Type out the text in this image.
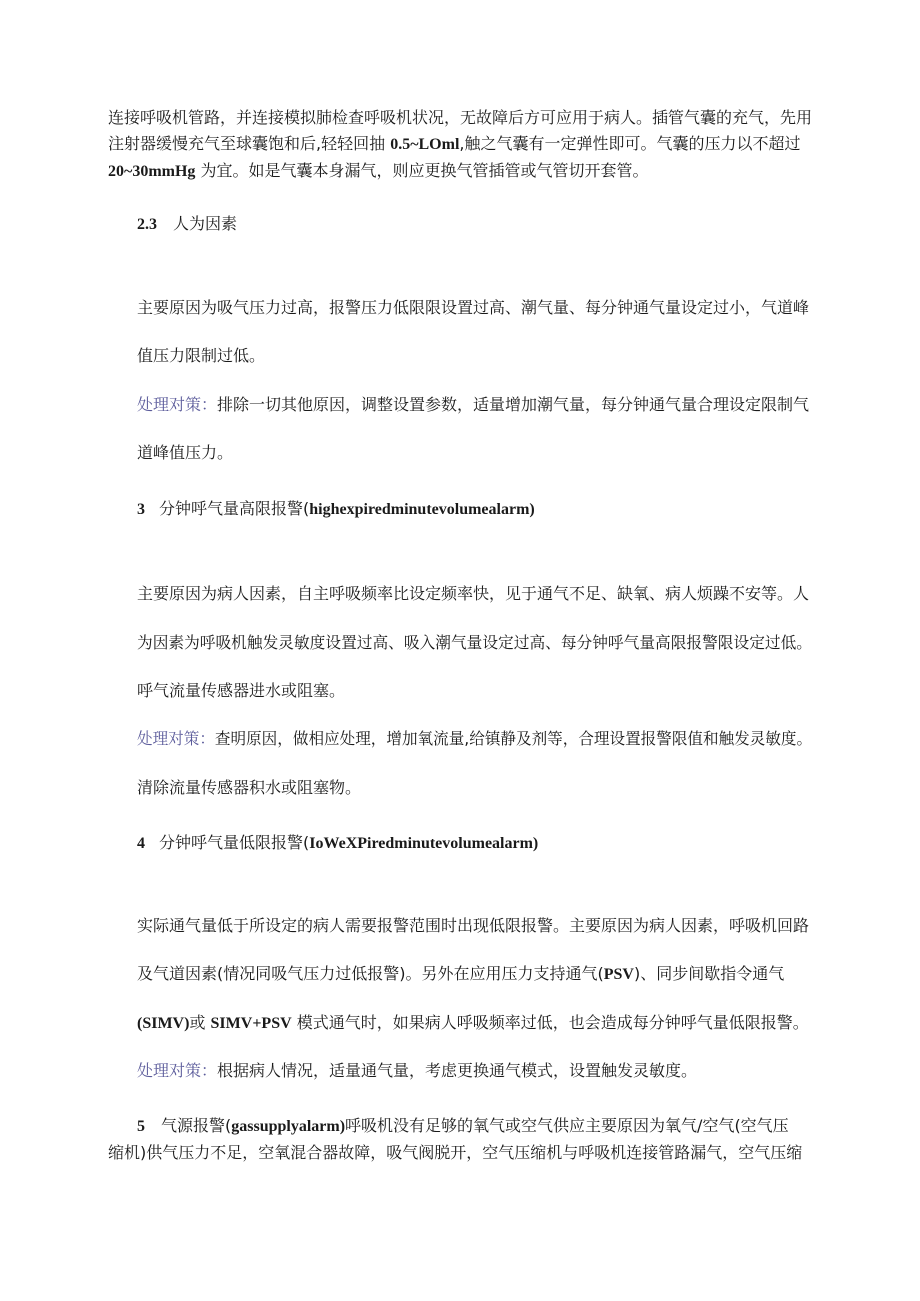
连接呼吸机管路，并连接模拟肺检查呼吸机状况，无故障后方可应用于病人。插管气囊的充气，先用
注射器缓慢充气至球囊饱和后,轻轻回抽 0.5~LOml,触之气囊有一定弹性即可。气囊的压力以不超过
20~30mmHg 为宜。如是气囊本身漏气，则应更换气管插管或气管切开套管。
2.3 人为因素
主要原因为吸气压力过高，报警压力低限限设置过高、潮气量、每分钟通气量设定过小，气道峰
值压力限制过低。
处理对策：排除一切其他原因，调整设置参数，适量增加潮气量，每分钟通气量合理设定限制气
道峰值压力。
3 分钟呼气量高限报警(highexpiredminutevolumealarm)
主要原因为病人因素，自主呼吸频率比设定频率快，见于通气不足、缺氧、病人烦躁不安等。人
为因素为呼吸机触发灵敏度设置过高、吸入潮气量设定过高、每分钟呼气量高限报警限设定过低。
呼气流量传感器进水或阻塞。
处理对策：查明原因，做相应处理，增加氧流量,给镇静及剂等，合理设置报警限值和触发灵敏度。
清除流量传感器积水或阻塞物。
4 分钟呼气量低限报警(IoWeXPiredminutevolumealarm)
实际通气量低于所设定的病人需要报警范围时出现低限报警。主要原因为病人因素，呼吸机回路
及气道因素(情况同吸气压力过低报警)。另外在应用压力支持通气(PSV)、同步间歇指令通气
(SIMV)或 SIMV+PSV 模式通气时，如果病人呼吸频率过低，也会造成每分钟呼气量低限报警。
处理对策：根据病人情况，适量通气量，考虑更换通气模式，设置触发灵敏度。
5 气源报警(gassupplyalarm)呼吸机没有足够的氧气或空气供应主要原因为氧气/空气(空气压
缩机)供气压力不足，空氧混合器故障，吸气阀脱开，空气压缩机与呼吸机连接管路漏气，空气压缩
